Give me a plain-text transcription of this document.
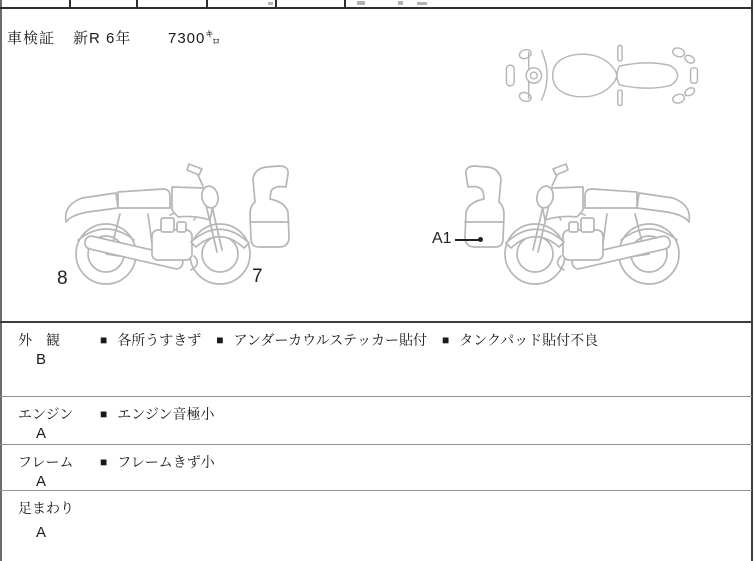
車検証 新R 6年 7300㌔
8	7
A1
外　観
B
■ 各所うすきず ■ アンダーカウルステッカー貼付 ■ タンクパッド貼付不良
エンジン
A
■ エンジン音極小
フレーム
A
■ フレームきず小
足まわり
A
